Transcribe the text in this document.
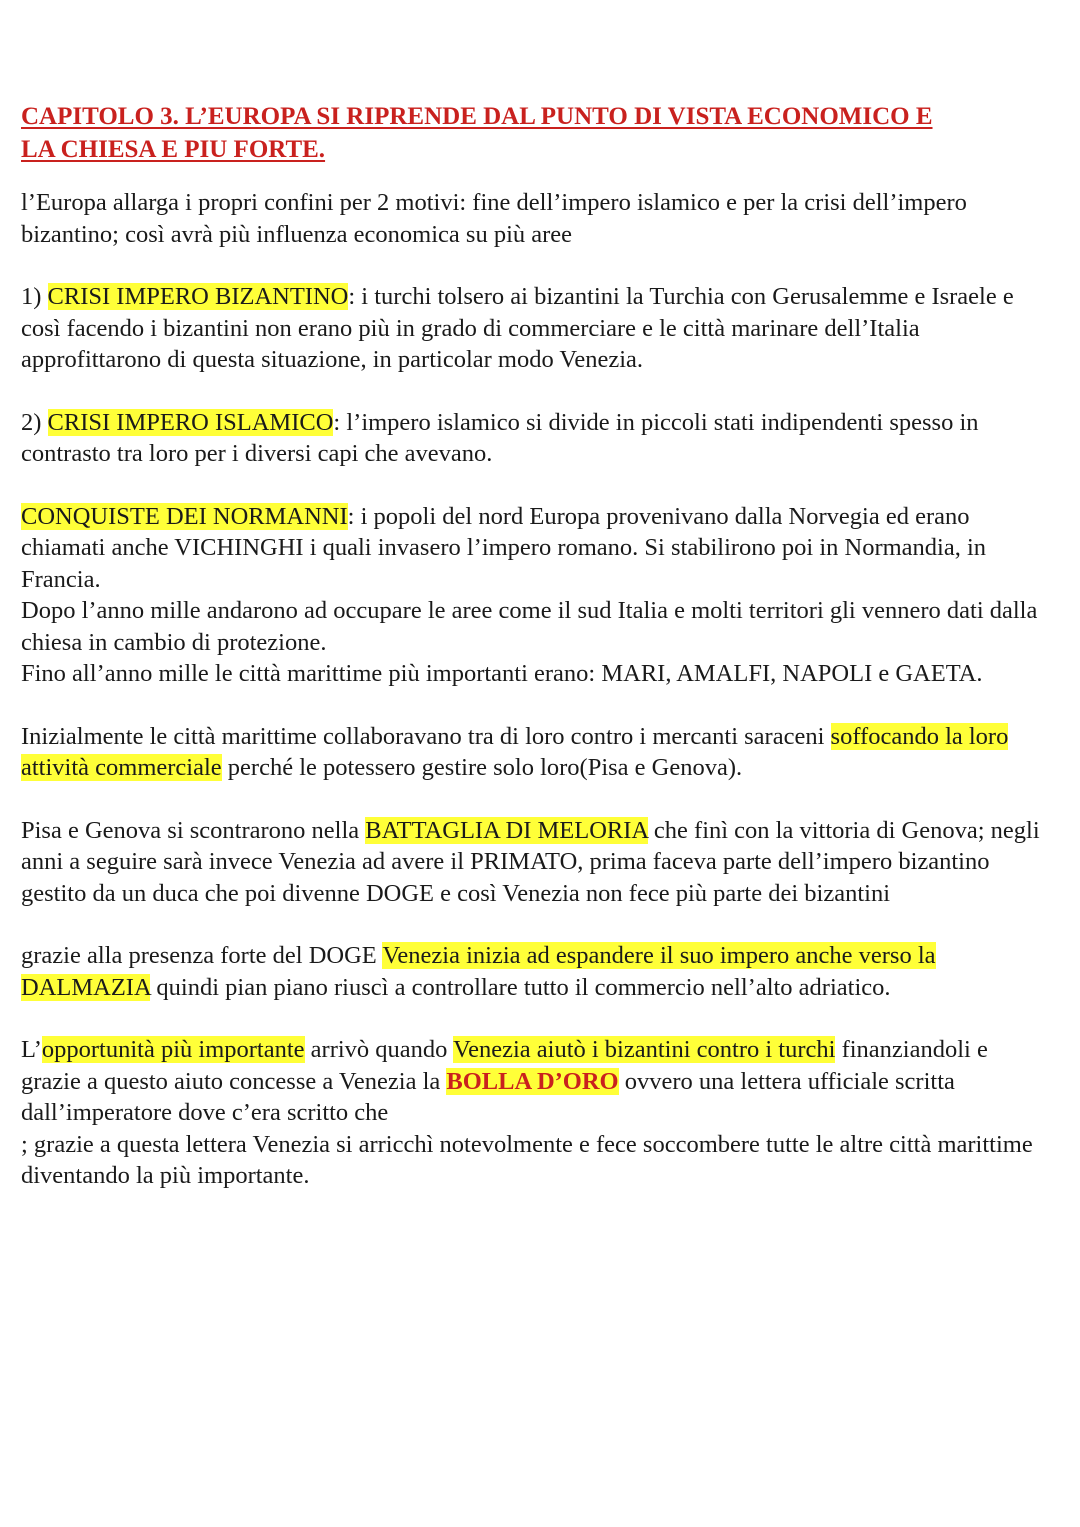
CAPITOLO 3. L’EUROPA SI RIPRENDE DAL PUNTO DI VISTA ECONOMICO E
LA CHIESA E PIU FORTE.
l’Europa allarga i propri confini per 2 motivi: fine dell’impero islamico e per la crisi dell’impero bizantino; così avrà più influenza economica su più aree
1) CRISI IMPERO BIZANTINO: i turchi tolsero ai bizantini la Turchia con Gerusalemme e Israele e così facendo i bizantini non erano più in grado di commerciare e le città marinare dell’Italia approfittarono di questa situazione, in particolar modo Venezia.
2) CRISI IMPERO ISLAMICO: l’impero islamico si divide in piccoli stati indipendenti spesso in contrasto tra loro per i diversi capi che avevano.
CONQUISTE DEI NORMANNI: i popoli del nord Europa provenivano dalla Norvegia ed erano chiamati anche VICHINGHI i quali invasero l’impero romano. Si stabilirono poi in Normandia, in Francia.
Dopo l’anno mille andarono ad occupare le aree come il sud Italia e molti territori gli vennero dati dalla chiesa in cambio di protezione.
Fino all’anno mille le città marittime più importanti erano: MARI, AMALFI, NAPOLI e GAETA.
Inizialmente le città marittime collaboravano tra di loro contro i mercanti saraceni soffocando la loro attività commerciale perché le potessero gestire solo loro(Pisa e Genova).
Pisa e Genova si scontrarono nella BATTAGLIA DI MELORIA che finì con la vittoria di Genova; negli anni a seguire sarà invece Venezia ad avere il PRIMATO, prima faceva parte dell’impero bizantino gestito da un duca che poi divenne DOGE e così Venezia non fece più parte dei bizantini
grazie alla presenza forte del DOGE Venezia inizia ad espandere il suo impero anche verso la DALMAZIA quindi pian piano riuscì a controllare tutto il commercio nell’alto adriatico.
L’opportunità più importante arrivò quando Venezia aiutò i bizantini contro i turchi finanziandoli e grazie a questo aiuto concesse a Venezia la BOLLA D’ORO ovvero una lettera ufficiale scritta dall’imperatore dove c’era scritto che
; grazie a questa lettera Venezia si arricchì notevolmente e fece soccombere tutte le altre città marittime diventando la più importante.
